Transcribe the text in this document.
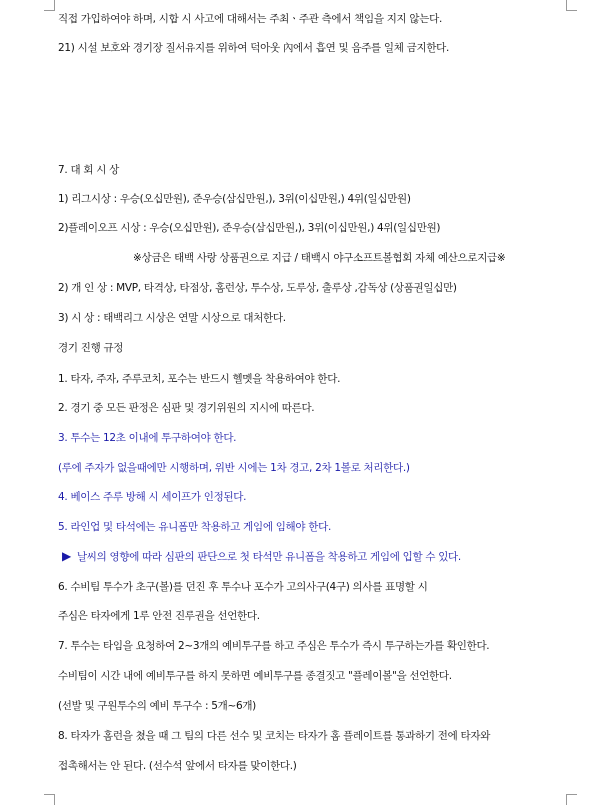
직접 가입하여야 하며, 시합 시 사고에 대해서는 주최ㆍ주관 측에서 책임을 지지 않는다.
21) 시설 보호와 경기장 질서유지를 위하여 덕아웃 內에서 흡연 및 음주를 일체 금지한다.
7. 대 회 시 상
1) 리그시상 : 우승(오십만원), 준우승(삼십만원,), 3위(이십만원,) 4위(일십만원)
2)플레이오프 시상 : 우승(오십만원), 준우승(삼십만원,), 3위(이십만원,) 4위(일십만원)
※상금은 태백 사랑 상품권으로 지급 / 태백시 야구소프트볼협회 자체 예산으로지급※
2) 개 인 상 : MVP, 타격상, 타점상, 홈런상, 투수상, 도루상, 출루상 ,감독상 (상품권일십만)
3) 시 상 : 태백리그 시상은 연말 시상으로 대처한다.
경기 진행 규정
1. 타자, 주자, 주루코치, 포수는 반드시 헬멧을 착용하여야 한다.
2. 경기 중 모든 판정은 심판 및 경기위원의 지시에 따른다.
3. 투수는 12초 이내에 투구하여야 한다.
(루에 주자가 없을때에만 시행하며, 위반 시에는 1차 경고, 2차 1볼로 처리한다.)
4. 베이스 주루 방해 시 세이프가 인정된다.
5. 라인업 및 타석에는 유니폼만 착용하고 게임에 임해야 한다.
▶ 날씨의 영향에 따라 심판의 판단으로 첫 타석만 유니폼을 착용하고 게임에 입할 수 있다.
6. 수비팀 투수가 초구(볼)를 던진 후 투수나 포수가 고의사구(4구) 의사를 표명할 시
주심은 타자에게 1루 안전 진루권을 선언한다.
7. 투수는 타임을 요청하여 2~3개의 예비투구를 하고 주심은 투수가 즉시 투구하는가를 확인한다.
수비팀이 시간 내에 예비투구를 하지 못하면 예비투구를 종결짓고 "플레이볼"을 선언한다.
(선발 및 구원투수의 예비 투구수 : 5개~6개)
8. 타자가 홈런을 쳤을 때 그 팀의 다른 선수 및 코치는 타자가 홈 플레이트를 통과하기 전에 타자와
접촉해서는 안 된다. (선수석 앞에서 타자를 맞이한다.)
